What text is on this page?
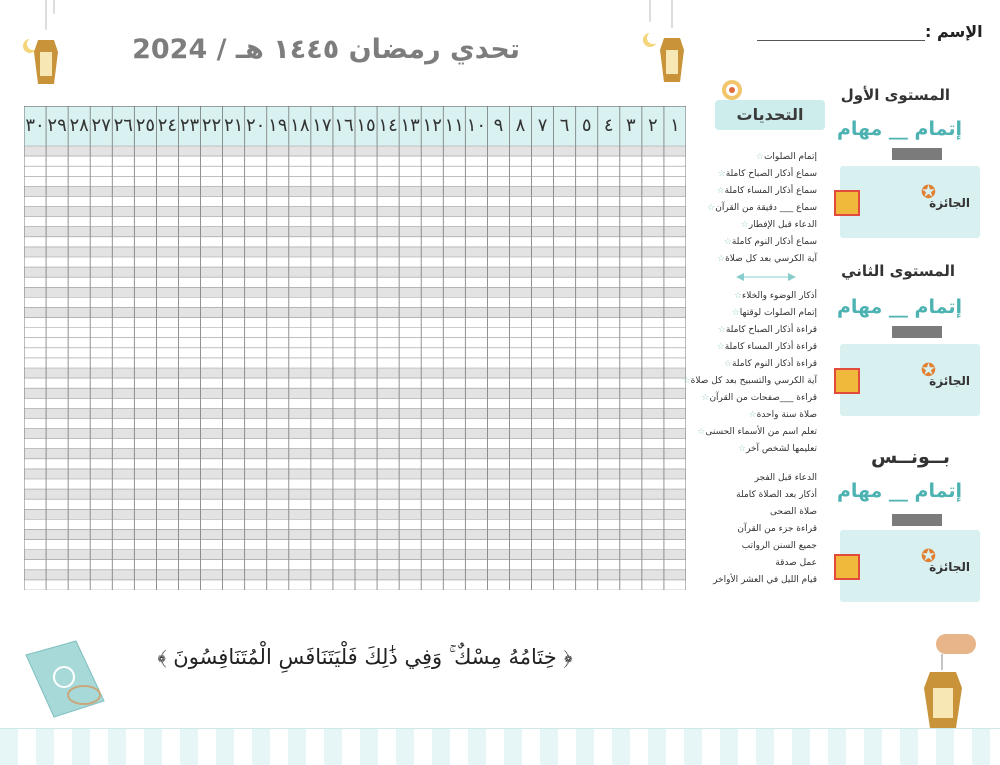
تحدي رمضان ١٤٤٥ هـ / 2024
الإسم :
١
٢
٣
٤
٥
٦
٧
٨
٩
١٠
١١
١٢
١٣
١٤
١٥
١٦
١٧
١٨
١٩
٢٠
٢١
٢٢
٢٣
٢٤
٢٥
٢٦
٢٧
٢٨
٢٩
٣٠
التحديات
إتمام الصلوات☆
سماع أذكار الصباح كاملة☆
سماع أذكار المساء كاملة☆
سماع ___ دقيقة من القرآن☆
الدعاء قبل الإفطار☆
سماع أذكار النوم كاملة☆
آية الكرسي بعد كل صلاة☆
أذكار الوضوء والخلاء☆
إتمام الصلوات لوقتها☆
قراءة أذكار الصباح كاملة☆
قراءة أذكار المساء كاملة☆
قراءة أذكار النوم كاملة☆
آية الكرسي والتسبيح بعد كل صلاة☆
قراءة ___صفحات من القرآن☆
صلاة سنة واحدة☆
تعلم اسم من الأسماء الحسنى☆
تعليمها لشخص آخر☆
الدعاء قبل الفجر
أذكار بعد الصلاة كاملة
صلاة الضحى
قراءة جزء من القرآن
جميع السنن الرواتب
عمل صدقة
قيام الليل في العشر الأواخر
المستوى الأول
إتمام __ مهام
✪
الجائزة
المستوى الثاني
إتمام __ مهام
✪
الجائزة
بــونــس
إتمام __ مهام
✪
الجائزة
﴿ خِتَامُهُ مِسْكٌ ۚ وَفِي ذَٰلِكَ فَلْيَتَنَافَسِ الْمُتَنَافِسُونَ ﴾
